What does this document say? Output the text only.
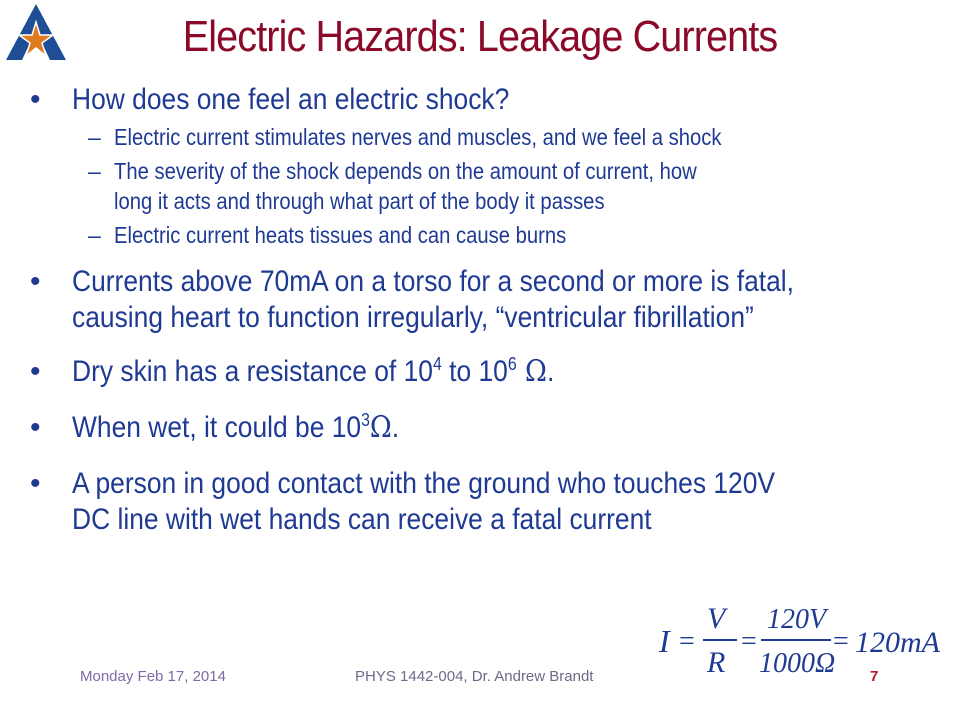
Electric Hazards: Leakage Currents
• How does one feel an electric shock?
– Electric current stimulates nerves and muscles, and we feel a shock
– The severity of the shock depends on the amount of current, how
long it acts and through what part of the body it passes
– Electric current heats tissues and can cause burns
• Currents above 70mA on a torso for a second or more is fatal,
causing heart to function irregularly, “ventricular fibrillation”
• Dry skin has a resistance of $10^4$ to $10^6$ Ω.
• When wet, it could be $10^3\Omega$.
• A person in good contact with the ground who touches 120V
DC line with wet hands can receive a fatal current
I =
V
R
=
120V
1000Ω
= 120mA
Monday Feb 17, 2014	PHYS 1442-004, Dr. Andrew Brandt	7
